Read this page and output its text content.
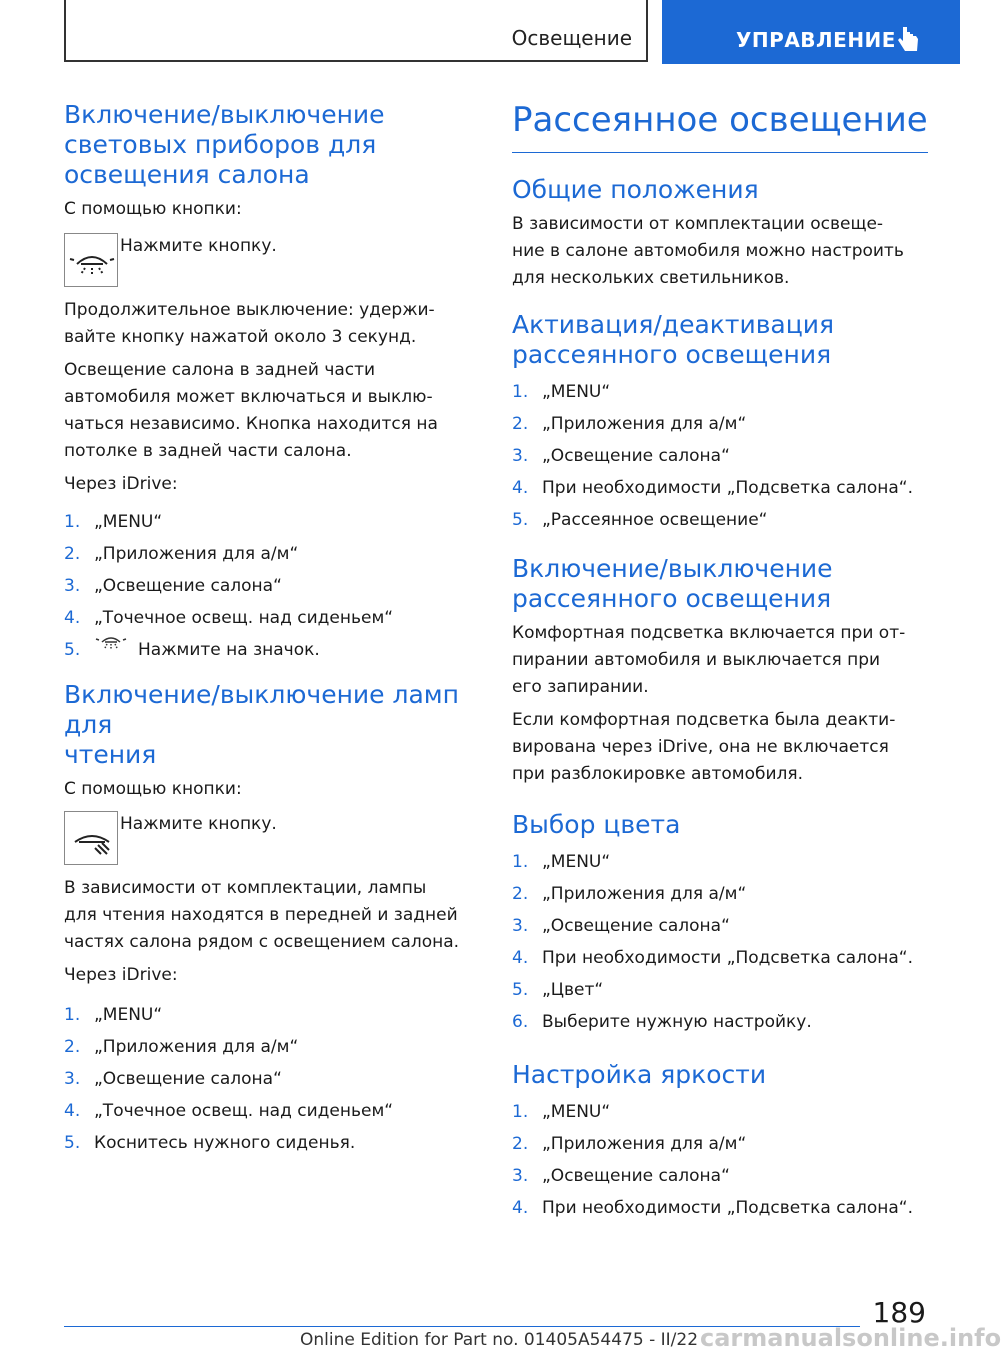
Освещение	УПРАВЛЕНИЕ
Включение/выключение
световых приборов для
освещения салона

С помощью кнопки:

Нажмите кнопку.

Продолжительное выключение: удержи-
вайте кнопку нажатой около 3 секунд.

Освещение салона в задней части
автомобиля может включаться и выклю-
чаться независимо. Кнопка находится на
потолке в задней части салона.

Через iDrive:

1. „MENU“
2. „Приложения для а/м“
3. „Освещение салона“
4. „Точечное освещ. над сиденьем“
5.	Нажмите на значок.
Включение/выключение ламп для
чтения

С помощью кнопки:

Нажмите кнопку.

В зависимости от комплектации, лампы
для чтения находятся в передней и задней
частях салона рядом с освещением салона.

Через iDrive:

1. „MENU“
2. „Приложения для а/м“
3. „Освещение салона“
4. „Точечное освещ. над сиденьем“
5. Коснитесь нужного сиденья.
Рассеянное освещение
Общие положения

В зависимости от комплектации освеще-
ние в салоне автомобиля можно настроить
для нескольких светильников.

Активация/деактивация
рассеянного освещения
1. „MENU“
2. „Приложения для а/м“
3. „Освещение салона“
4. При необходимости „Подсветка салона“.
5. „Рассеянное освещение“
Включение/выключение
рассеянного освещения

Комфортная подсветка включается при от-
пирании автомобиля и выключается при
его запирании.

Если комфортная подсветка была деакти-
вирована через iDrive, она не включается
при разблокировке автомобиля.

Выбор цвета
1. „MENU“
2. „Приложения для а/м“
3. „Освещение салона“
4. При необходимости „Подсветка салона“.
5. „Цвет“
6. Выберите нужную настройку.
Настройка яркости
1. „MENU“
2. „Приложения для а/м“
3. „Освещение салона“
4. При необходимости „Подсветка салона“.
189
Online Edition for Part no. 01405A54475 - II/22 carmanualsonline.info
